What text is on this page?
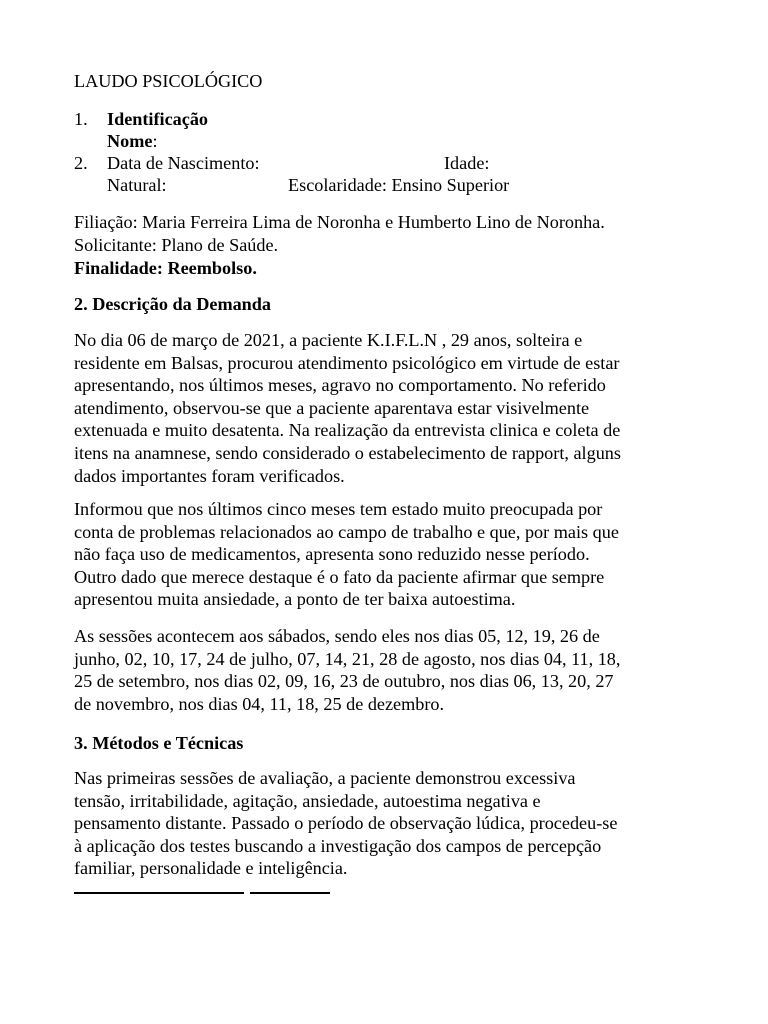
LAUDO PSICOLÓGICO
1. Identificação
Nome:
2. Data de Nascimento:	Idade:
Natural:	Escolaridade: Ensino Superior
Filiação: Maria Ferreira Lima de Noronha e Humberto Lino de Noronha.
Solicitante: Plano de Saúde.
Finalidade: Reembolso.
2. Descrição da Demanda
No dia 06 de março de 2021, a paciente K.I.F.L.N , 29 anos, solteira e
residente em Balsas, procurou atendimento psicológico em virtude de estar
apresentando, nos últimos meses, agravo no comportamento. No referido
atendimento, observou-se que a paciente aparentava estar visivelmente
extenuada e muito desatenta. Na realização da entrevista clinica e coleta de
itens na anamnese, sendo considerado o estabelecimento de rapport, alguns
dados importantes foram verificados.
Informou que nos últimos cinco meses tem estado muito preocupada por
conta de problemas relacionados ao campo de trabalho e que, por mais que
não faça uso de medicamentos, apresenta sono reduzido nesse período.
Outro dado que merece destaque é o fato da paciente afirmar que sempre
apresentou muita ansiedade, a ponto de ter baixa autoestima.
As sessões acontecem aos sábados, sendo eles nos dias 05, 12, 19, 26 de
junho, 02, 10, 17, 24 de julho, 07, 14, 21, 28 de agosto, nos dias 04, 11, 18,
25 de setembro, nos dias 02, 09, 16, 23 de outubro, nos dias 06, 13, 20, 27
de novembro, nos dias 04, 11, 18, 25 de dezembro.
3. Métodos e Técnicas
Nas primeiras sessões de avaliação, a paciente demonstrou excessiva
tensão, irritabilidade, agitação, ansiedade, autoestima negativa e
pensamento distante. Passado o período de observação lúdica, procedeu-se
à aplicação dos testes buscando a investigação dos campos de percepção
familiar, personalidade e inteligência.
